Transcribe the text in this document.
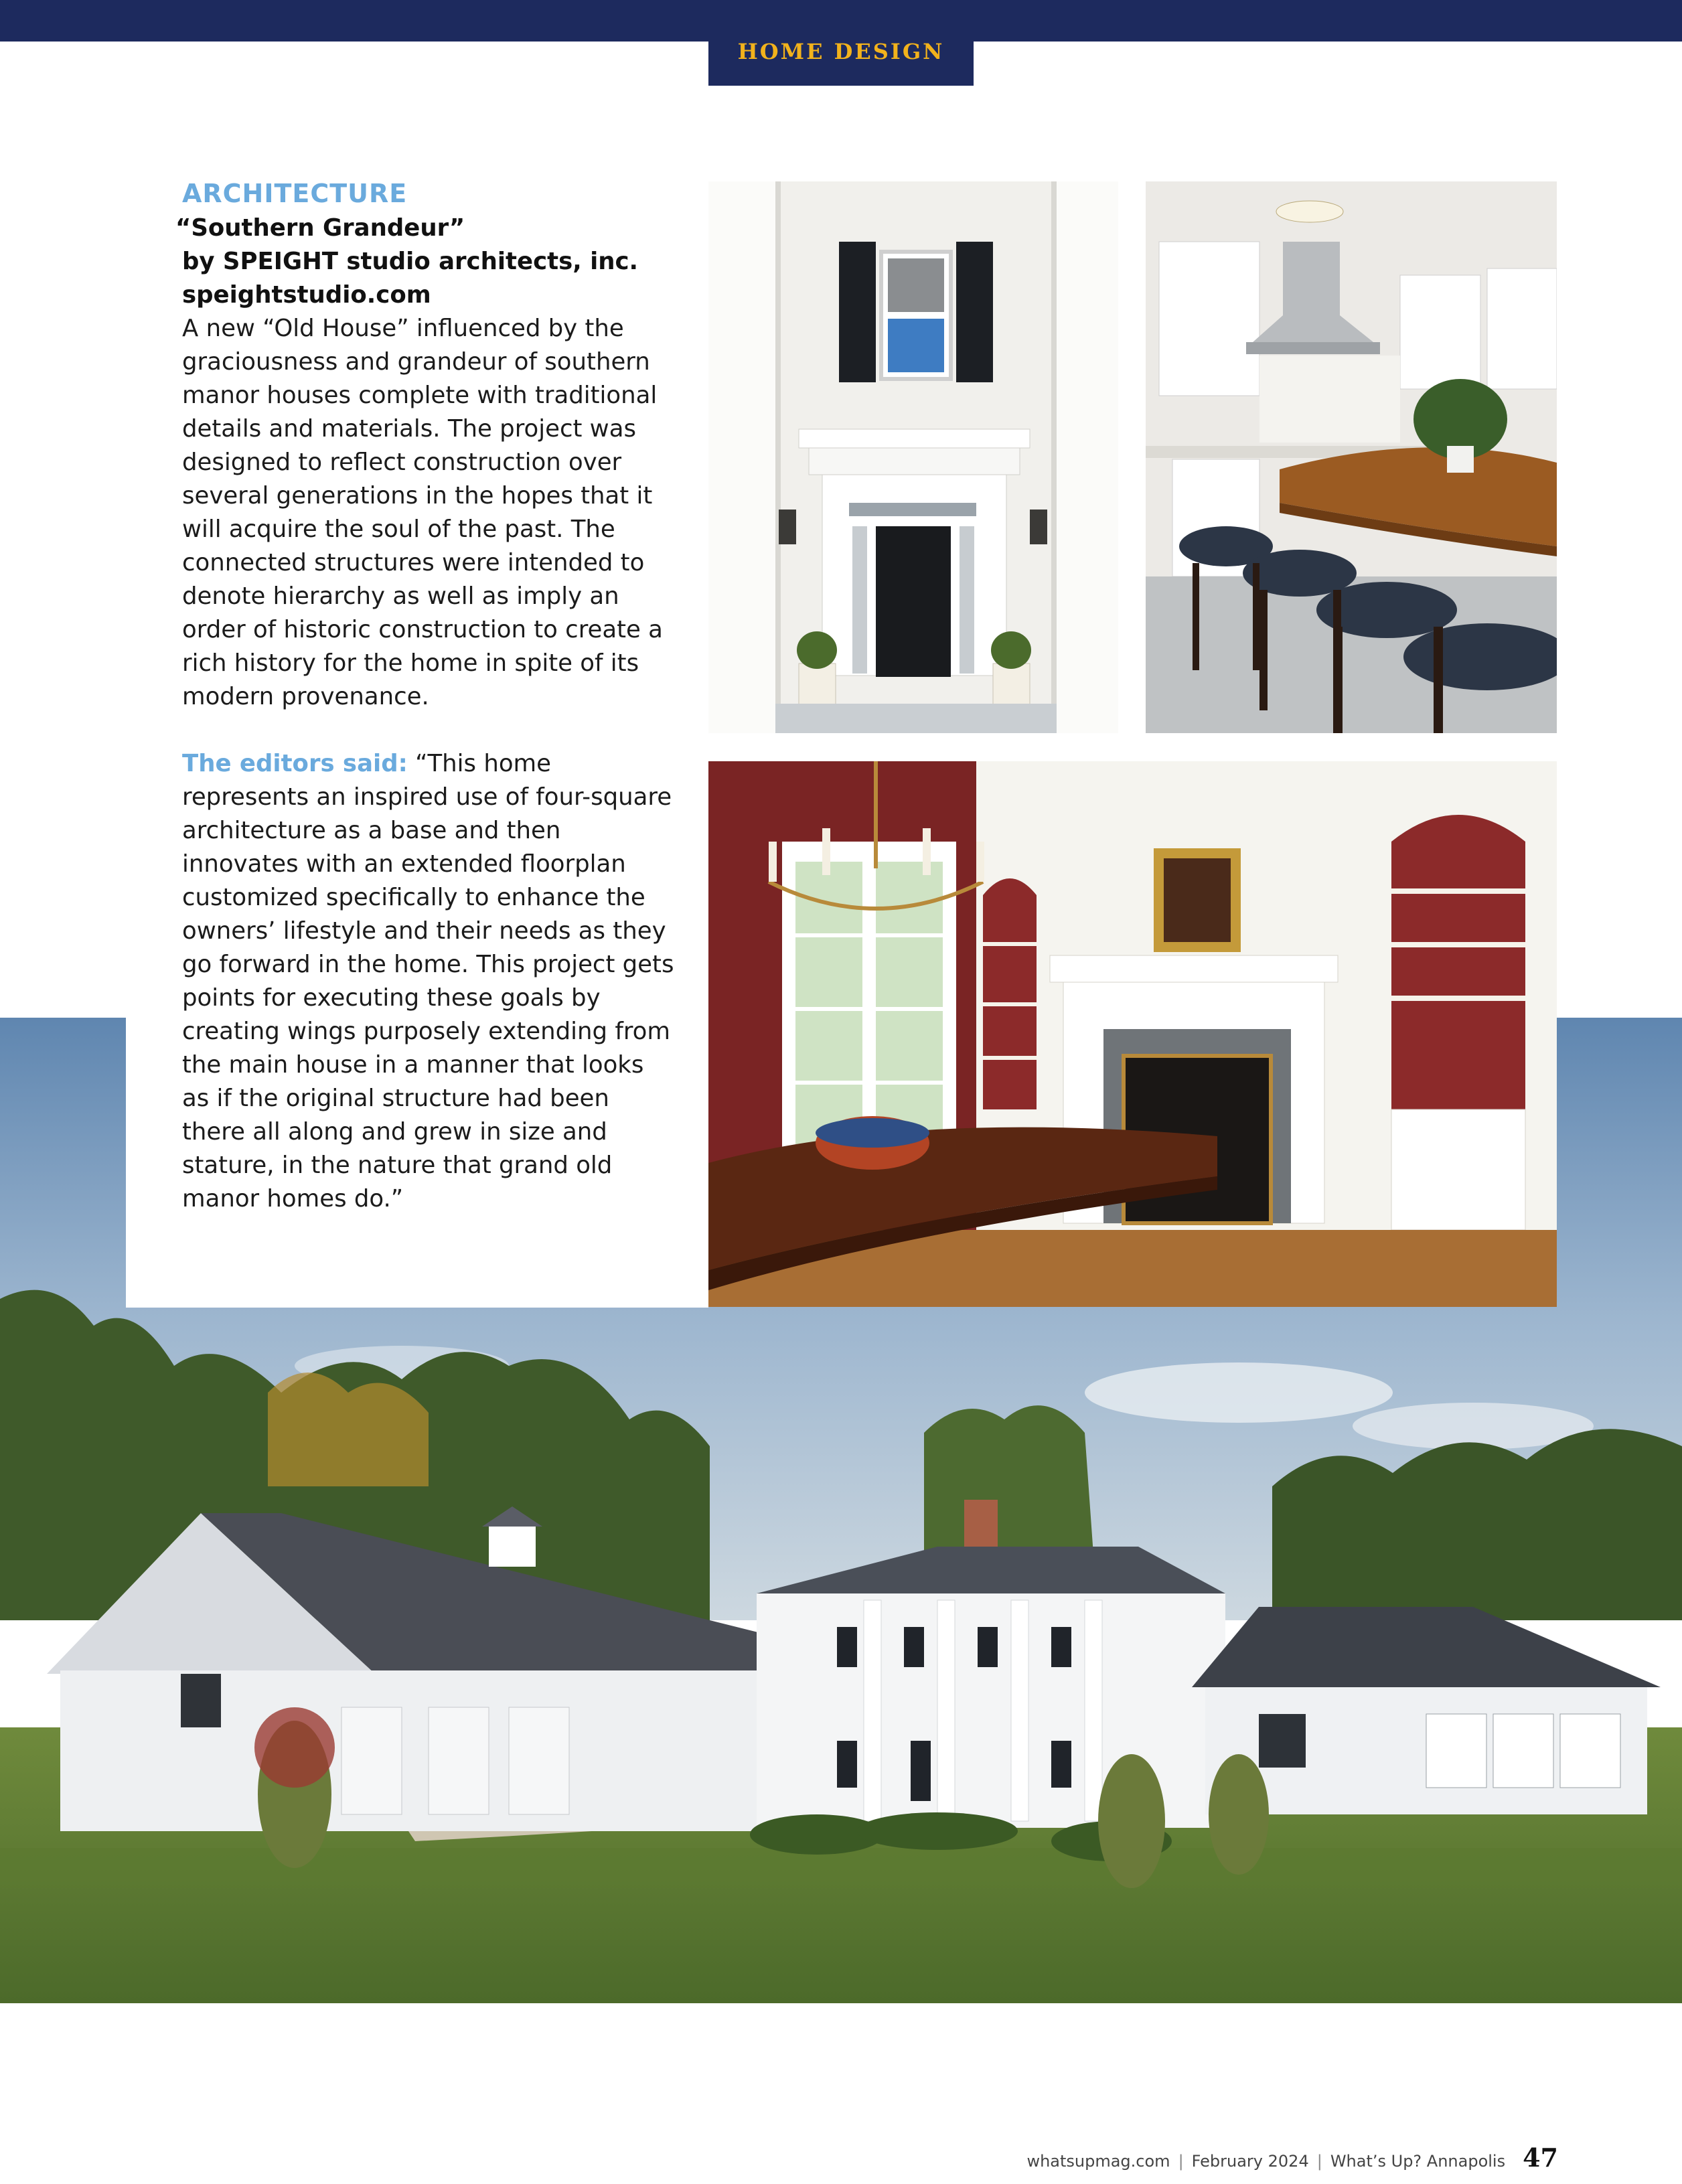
HOME DESIGN

ARCHITECTURE

“Southern Grandeur”

by SPEIGHT studio architects, inc.

speightstudio.com

A new “Old House” influenced by the graciousness and grandeur of southern manor houses complete with traditional details and materials. The project was designed to reflect construction over several generations in the hopes that it will acquire the soul of the past. The connected structures were intended to denote hierarchy as well as imply an order of historic construction to create a rich history for the home in spite of its modern provenance.

The editors said: “This home represents an inspired use of four-square architecture as a base and then innovates with an extended floorplan customized specifically to enhance the owners’ lifestyle and their needs as they go forward in the home. This project gets points for executing these goals by creating wings purposely extending from the main house in a manner that looks as if the original structure had been there all along and grew in size and stature, in the nature that grand old manor homes do.”

whatsupmag.com | February 2024 | What’s Up? Annapolis 47
